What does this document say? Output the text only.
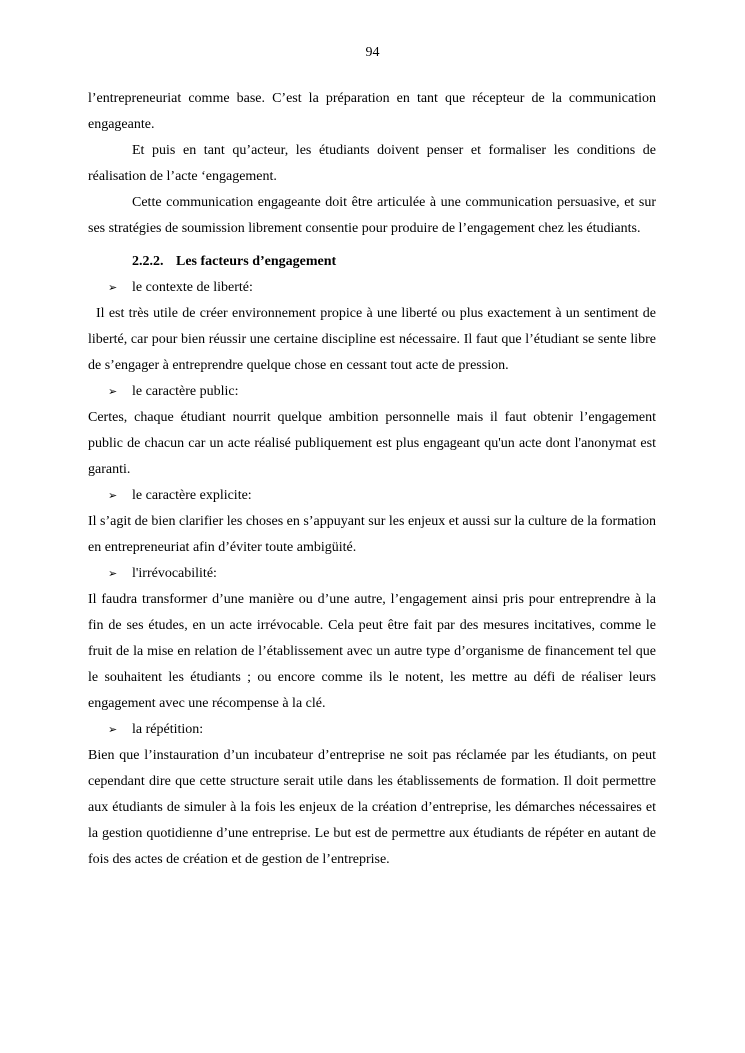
94

l’entrepreneuriat comme base. C’est la préparation en tant que récepteur de la communication engageante.

Et puis en tant qu’acteur, les étudiants doivent penser et formaliser les conditions de réalisation de l’acte ‘engagement.

Cette communication engageante doit être articulée à une communication persuasive, et sur ses stratégies de soumission librement consentie pour produire de l’engagement chez les étudiants.

2.2.2. Les facteurs d’engagement
➢ le contexte de liberté:

Il est très utile de créer environnement propice à une liberté ou plus exactement à un sentiment de liberté, car pour bien réussir une certaine discipline est nécessaire. Il faut que l’étudiant se sente libre de s’engager à entreprendre quelque chose en cessant tout acte de pression.

➢ le caractère public:

Certes, chaque étudiant nourrit quelque ambition personnelle mais il faut obtenir l’engagement public de chacun car un acte réalisé publiquement est plus engageant qu'un acte dont l'anonymat est garanti.

➢ le caractère explicite:

Il s’agit de bien clarifier les choses en s’appuyant sur les enjeux et aussi sur la culture de la formation en entrepreneuriat afin d’éviter toute ambigüité.

➢ l'irrévocabilité:

Il faudra transformer d’une manière ou d’une autre, l’engagement ainsi pris pour entreprendre à la fin de ses études, en un acte irrévocable. Cela peut être fait par des mesures incitatives, comme le fruit de la mise en relation de l’établissement avec un autre type d’organisme de financement tel que le souhaitent les étudiants ; ou encore comme ils le notent, les mettre au défi de réaliser leurs engagement avec une récompense à la clé.

➢ la répétition:

Bien que l’instauration d’un incubateur d’entreprise ne soit pas réclamée par les étudiants, on peut cependant dire que cette structure serait utile dans les établissements de formation. Il doit permettre aux étudiants de simuler à la fois les enjeux de la création d’entreprise, les démarches nécessaires et la gestion quotidienne d’une entreprise. Le but est de permettre aux étudiants de répéter en autant de fois des actes de création et de gestion de l’entreprise.
